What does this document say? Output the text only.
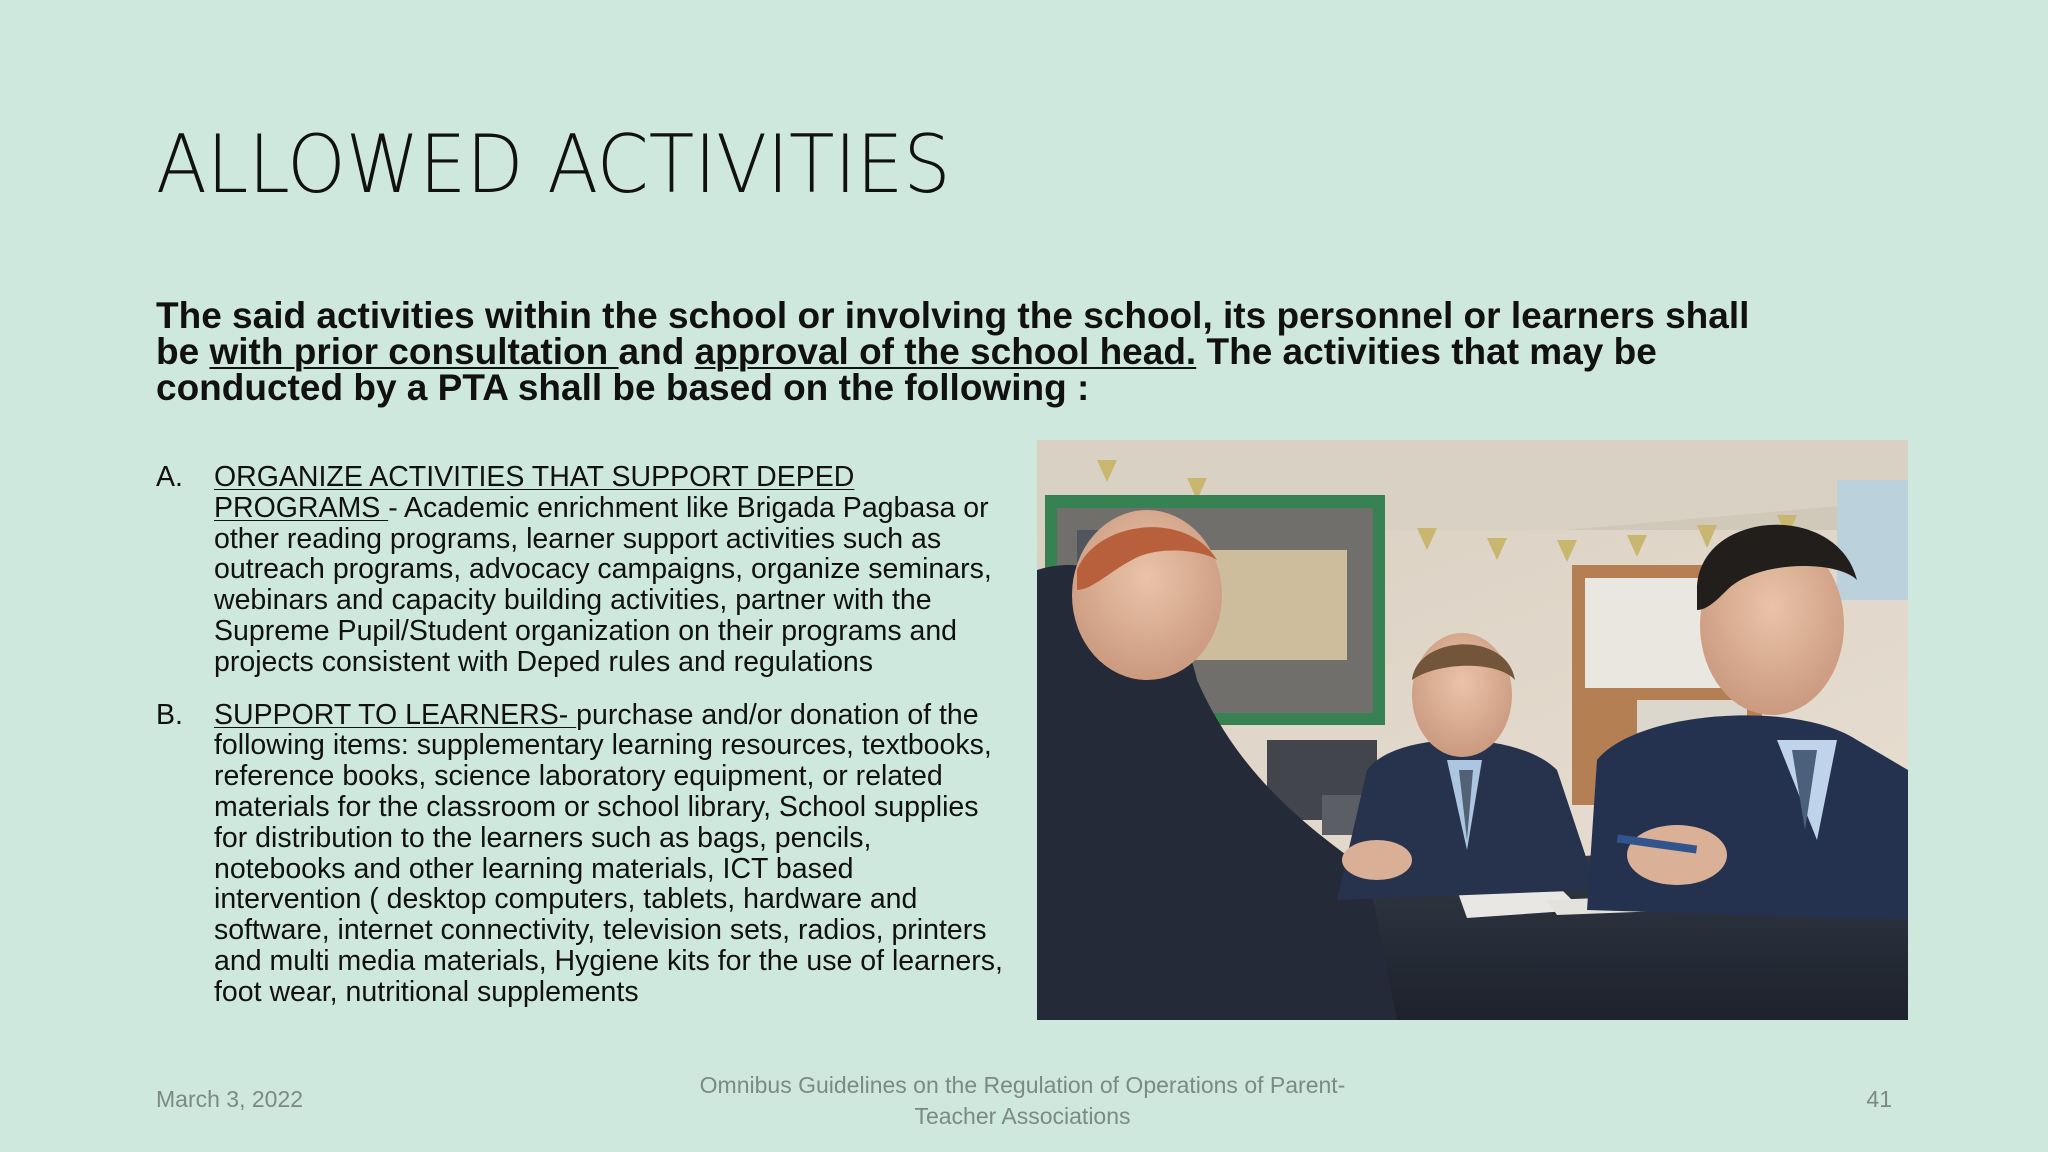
ALLOWED ACTIVITIES
The said activities within the school or involving the school, its personnel or learners shall be with prior consultation and approval of the school head. The activities that may be conducted by a PTA shall be based on the following :
A. ORGANIZE ACTIVITIES THAT SUPPORT DEPED PROGRAMS - Academic enrichment like Brigada Pagbasa or other reading programs, learner support activities such as outreach programs, advocacy campaigns, organize seminars, webinars and capacity building activities, partner with the Supreme Pupil/Student organization on their programs and projects consistent with Deped rules and regulations
B. SUPPORT TO LEARNERS- purchase and/or donation of the following items: supplementary learning resources, textbooks, reference books, science laboratory equipment, or related materials for the classroom or school library, School supplies for distribution to the learners such as bags, pencils, notebooks and other learning materials, ICT based intervention ( desktop computers, tablets, hardware and software, internet connectivity, television sets, radios, printers and multi media materials, Hygiene kits for the use of learners, foot wear, nutritional supplements
March 3, 2022
Omnibus Guidelines on the Regulation of Operations of Parent-Teacher Associations
41
